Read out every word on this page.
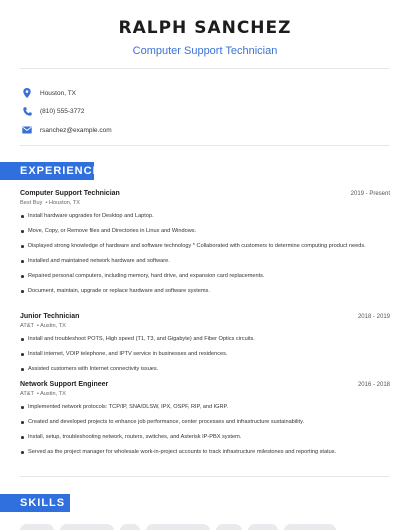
RALPH SANCHEZ
Computer Support Technician
Houston, TX
(810) 555-3772
rsanchez@example.com
EXPERIENCE
Computer Support Technician	2019 - Present
Best Buy  • Houston, TX
Install hardware upgrades for Desktop and Laptop.
Move, Copy, or Remove files and Directories in Linux and Windows.
Displayed strong knowledge of hardware and software technology * Collaborated with customers to determine computing product needs.
Installed and maintained network hardware and software.
Repaired personal computers, including memory, hard drive, and expansion card replacements.
Document, maintain, upgrade or replace hardware and software systems.
Junior Technician	2018 - 2019
AT&T  • Austin, TX
Install and troubleshoot POTS, High speed (T1, T3, and Gigabyte) and Fiber Optics circuits.
Install internet, VOIP telephone, and IPTV service in businesses and residences.
Assisted customers with Internet connectivity issues.
Network Support Engineer	2016 - 2018
AT&T  • Austin, TX
Implemented network protocols: TCP/IP, SNA/DLSW, IPX, OSPF, RIP, and IGRP.
Created and developed projects to enhance job performance, center processes and infrastructure sustainability.
Install, setup, troubleshooting network, routers, switches, and Asterisk IP-PBX system.
Served as the project manager for wholesale work-in-project accounts to track infrastructure milestones and reporting status.
SKILLS
